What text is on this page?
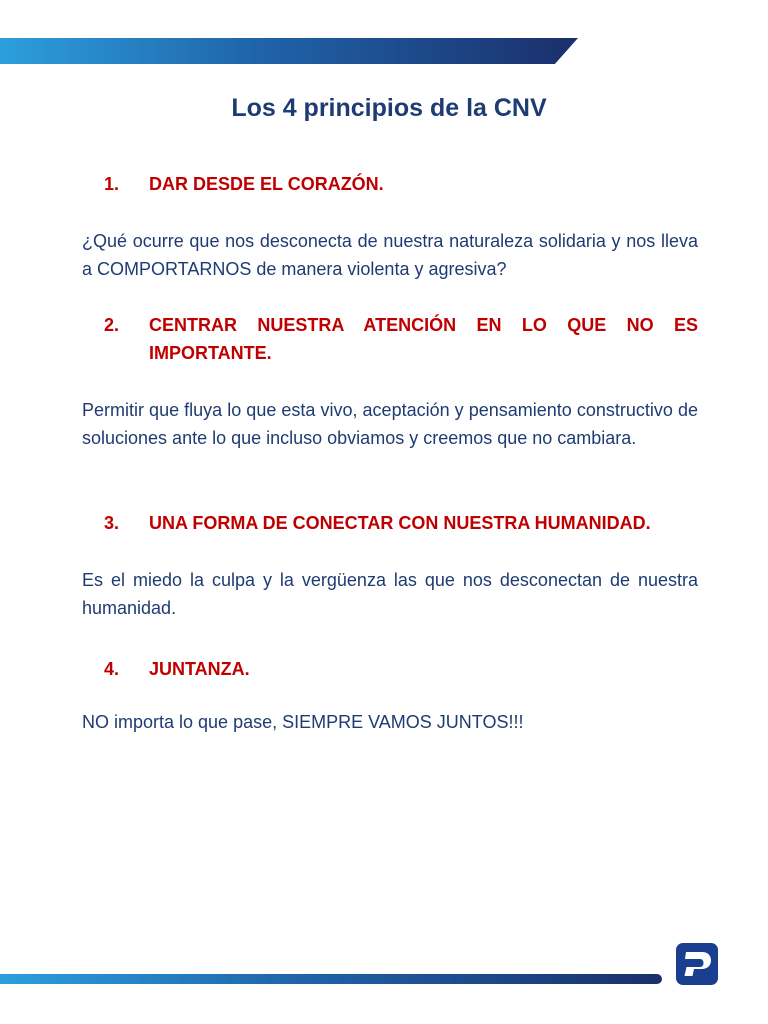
Los 4 principios de la CNV
1.	DAR DESDE EL CORAZÓN.

¿Qué ocurre que nos desconecta de nuestra naturaleza solidaria y nos lleva a COMPORTARNOS de manera violenta y agresiva?

2.	CENTRAR NUESTRA ATENCIÓN EN LO QUE NO ES IMPORTANTE.

Permitir que fluya lo que esta vivo, aceptación y pensamiento constructivo de soluciones ante lo que incluso obviamos y creemos que no cambiara.

3.	UNA FORMA DE CONECTAR CON NUESTRA HUMANIDAD.

Es el miedo la culpa y la vergüenza las que nos desconectan de nuestra humanidad.

4.	JUNTANZA.

NO importa lo que pase, SIEMPRE VAMOS JUNTOS!!!
